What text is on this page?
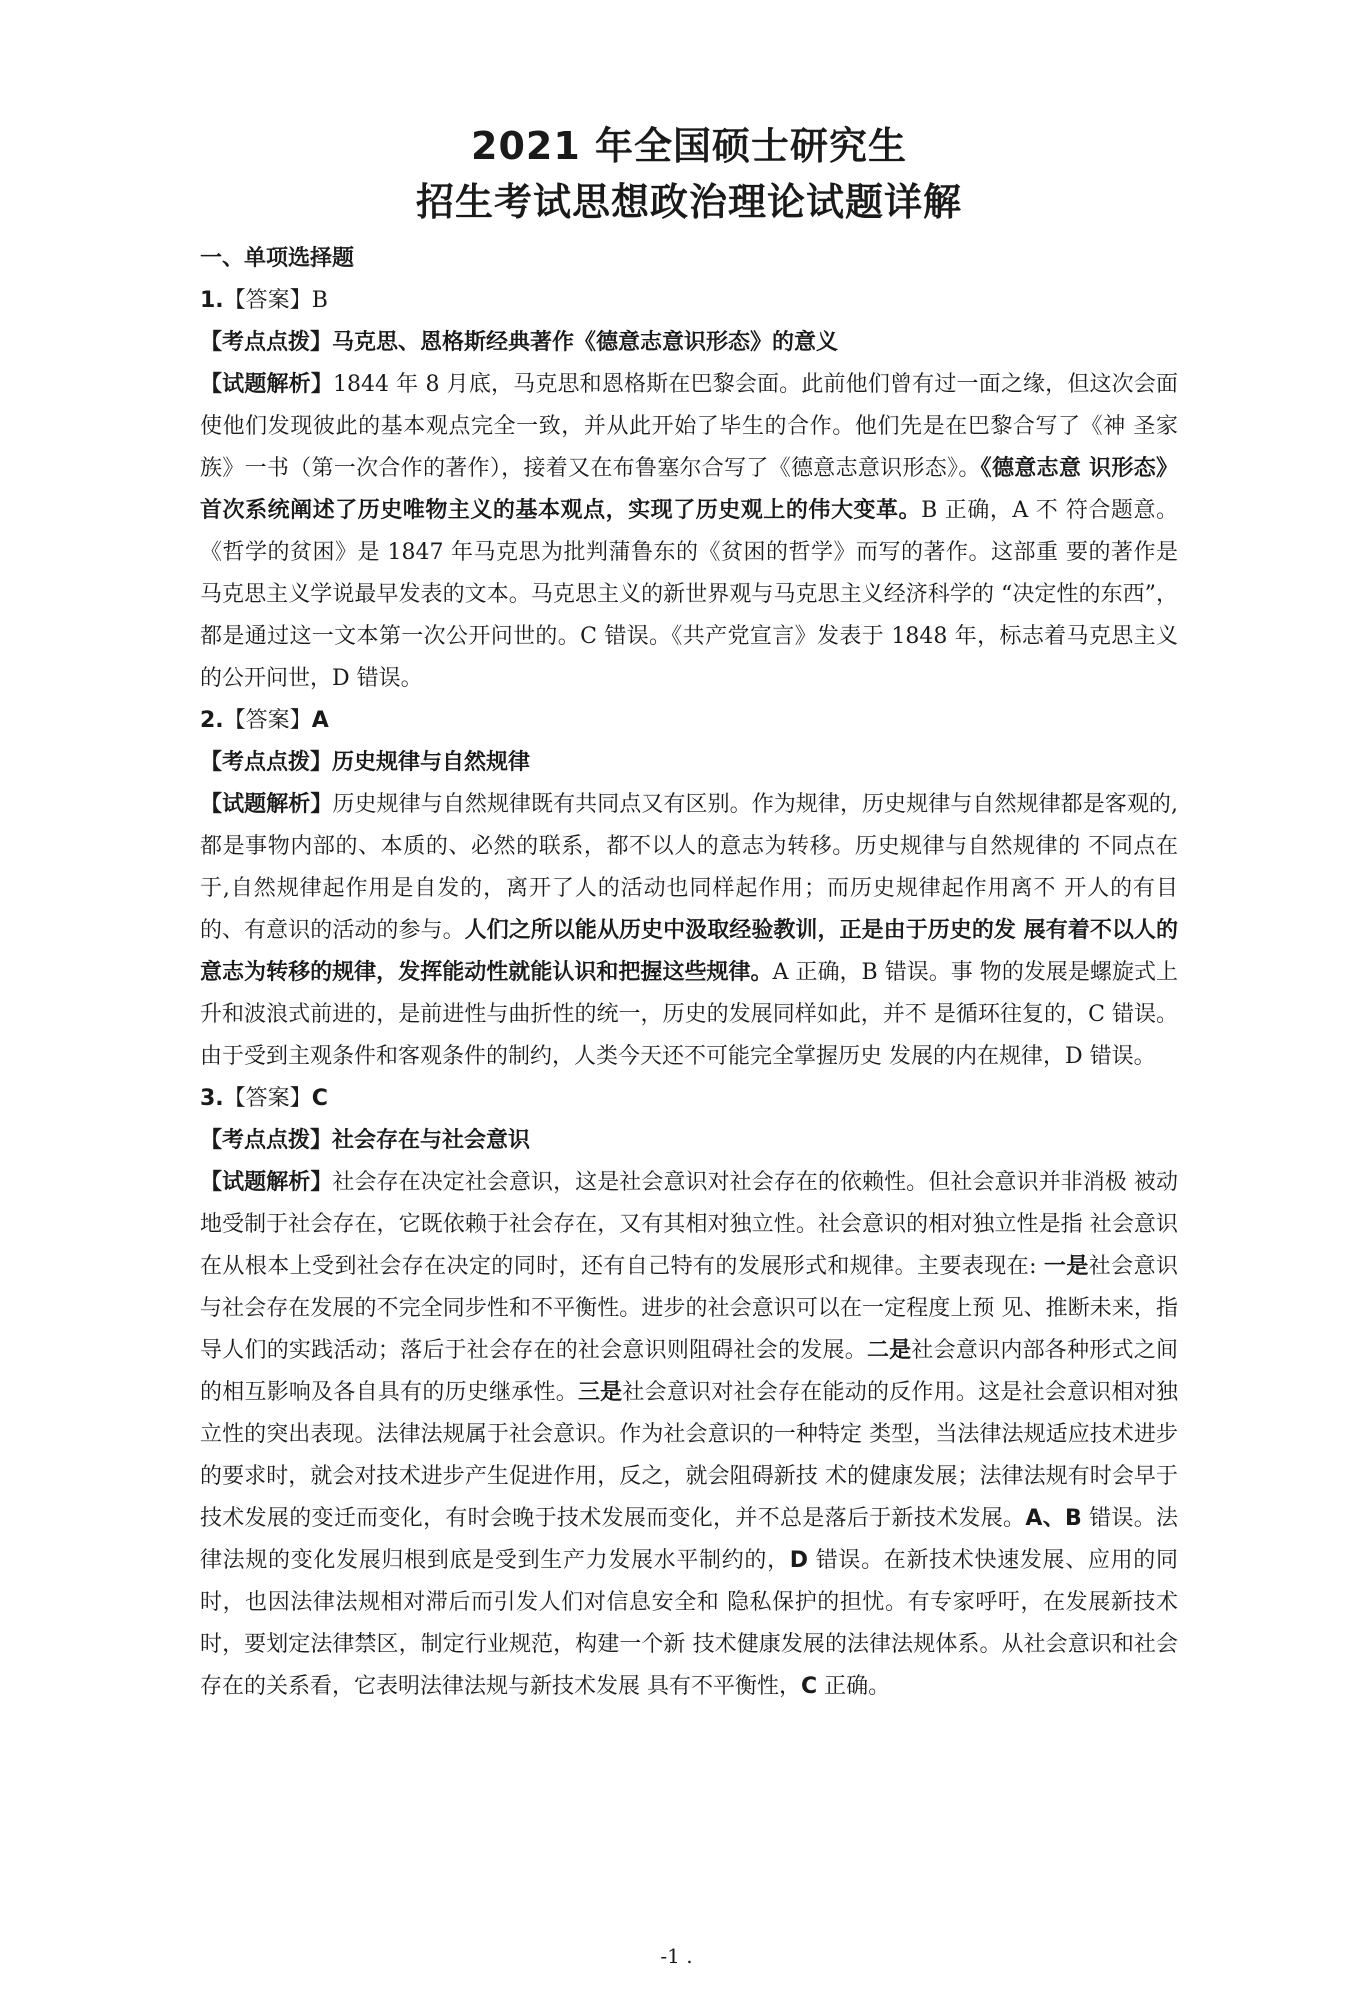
2021 年全国硕士研究生
招生考试思想政治理论试题详解
一、单项选择题
1.【答案】B
【考点点拨】马克思、恩格斯经典著作《德意志意识形态》的意义
【试题解析】1844 年 8 月底，马克思和恩格斯在巴黎会面。此前他们曾有过一面之缘，但这次会面使他们发现彼此的基本观点完全一致，并从此开始了毕生的合作。他们先是在巴黎合写了《神 圣家族》一书（第一次合作的著作），接着又在布鲁塞尔合写了《德意志意识形态》。《德意志意 识形态》首次系统阐述了历史唯物主义的基本观点，实现了历史观上的伟大变革。B 正确，A 不 符合题意。《哲学的贫困》是 1847 年马克思为批判蒲鲁东的《贫困的哲学》而写的著作。这部重 要的著作是马克思主义学说最早发表的文本。马克思主义的新世界观与马克思主义经济科学的 “决定性的东西”，都是通过这一文本第一次公开问世的。C 错误。《共产党宣言》发表于 1848 年，标志着马克思主义的公开问世，D 错误。
2.【答案】A
【考点点拨】历史规律与自然规律
【试题解析】历史规律与自然规律既有共同点又有区别。作为规律，历史规律与自然规律都是客观的, 都是事物内部的、本质的、必然的联系，都不以人的意志为转移。历史规律与自然规律的 不同点在于,自然规律起作用是自发的，离开了人的活动也同样起作用；而历史规律起作用离不 开人的有目的、有意识的活动的参与。人们之所以能从历史中汲取经验教训，正是由于历史的发 展有着不以人的意志为转移的规律，发挥能动性就能认识和把握这些规律。A 正确，B 错误。事 物的发展是螺旋式上升和波浪式前进的，是前进性与曲折性的统一，历史的发展同样如此，并不 是循环往复的，C 错误。由于受到主观条件和客观条件的制约，人类今天还不可能完全掌握历史 发展的内在规律，D 错误。
3.【答案】C
【考点点拨】社会存在与社会意识
【试题解析】社会存在决定社会意识，这是社会意识对社会存在的依赖性。但社会意识并非消极 被动地受制于社会存在，它既依赖于社会存在，又有其相对独立性。社会意识的相对独立性是指 社会意识在从根本上受到社会存在决定的同时，还有自己特有的发展形式和规律。主要表现在: 一是社会意识与社会存在发展的不完全同步性和不平衡性。进步的社会意识可以在一定程度上预 见、推断未来，指导人们的实践活动；落后于社会存在的社会意识则阻碍社会的发展。二是社会意识内部各种形式之间的相互影响及各自具有的历史继承性。三是社会意识对社会存在能动的反作用。这是社会意识相对独立性的突出表现。法律法规属于社会意识。作为社会意识的一种特定 类型，当法律法规适应技术进步的要求时，就会对技术进步产生促进作用，反之，就会阻碍新技 术的健康发展；法律法规有时会早于技术发展的变迁而变化，有时会晚于技术发展而变化，并不总是落后于新技术发展。A、B 错误。法律法规的变化发展归根到底是受到生产力发展水平制约的，D 错误。在新技术快速发展、应用的同时，也因法律法规相对滞后而引发人们对信息安全和 隐私保护的担忧。有专家呼吁，在发展新技术时，要划定法律禁区，制定行业规范，构建一个新 技术健康发展的法律法规体系。从社会意识和社会存在的关系看，它表明法律法规与新技术发展 具有不平衡性，C 正确。
-1 .
